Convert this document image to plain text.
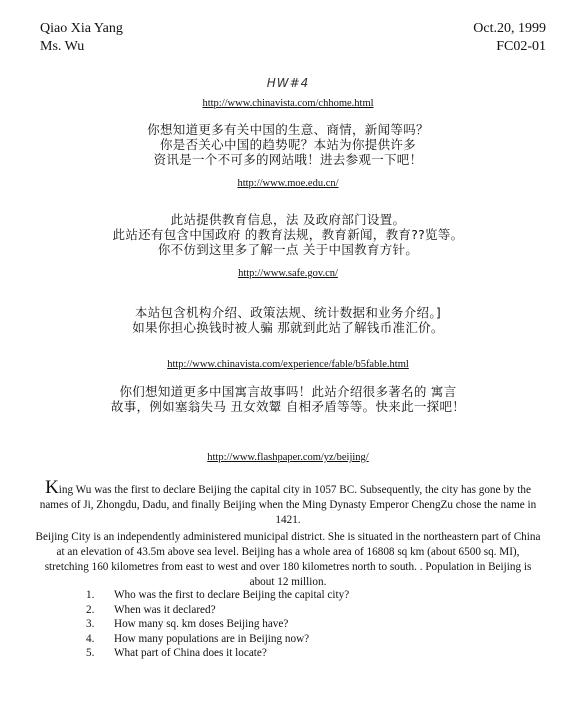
Qiao Xia Yang
Ms. Wu
Oct.20, 1999
FC02-01
HW#4
http://www.chinavista.com/chhome.html
你想知道更多有关中国的生意、商情，新闻等吗？
你是否关心中国的趋势呢？本站为你提供许多
资讯是一个不可多的网站哦！进去参观一下吧！
http://www.moe.edu.cn/
此站提供教育信息，法 及政府部门设置。
此站还有包含中国政府 的教育法规，教育新闻，教育??览等。
你不仿到这里多了解一点 关于中国教育方针。
http://www.safe.gov.cn/
本站包含机构介绍、政策法规、统计数据和业务介绍。]
如果你担心换钱时被人骗 那就到此站了解钱币准汇价。
http://www.chinavista.com/experience/fable/b5fable.html
你们想知道更多中国寓言故事吗！此站介绍很多著名的 寓言
故事，例如塞翁失马 丑女效颦 自相矛盾等等。快来此一探吧！
http://www.flashpaper.com/yz/beijing/
King Wu was the first to declare Beijing the capital city in 1057 BC. Subsequently, the city has gone by the names of Ji, Zhongdu, Dadu, and finally Beijing when the Ming Dynasty Emperor ChengZu chose the name in 1421.
Beijing City is an independently administered municipal district. She is situated in the northeastern part of China at an elevation of 43.5m above sea level. Beijing has a whole area of 16808 sq km (about 6500 sq. MI), stretching 160 kilometres from east to west and over 180 kilometres north to south. . Population in Beijing is about 12 million.
1.	Who was the first to declare Beijing the capital city?
2.	When was it declared?
3.	How many sq. km doses Beijing have?
4.	How many populations are in Beijing now?
5.	What part of China does it locate?
